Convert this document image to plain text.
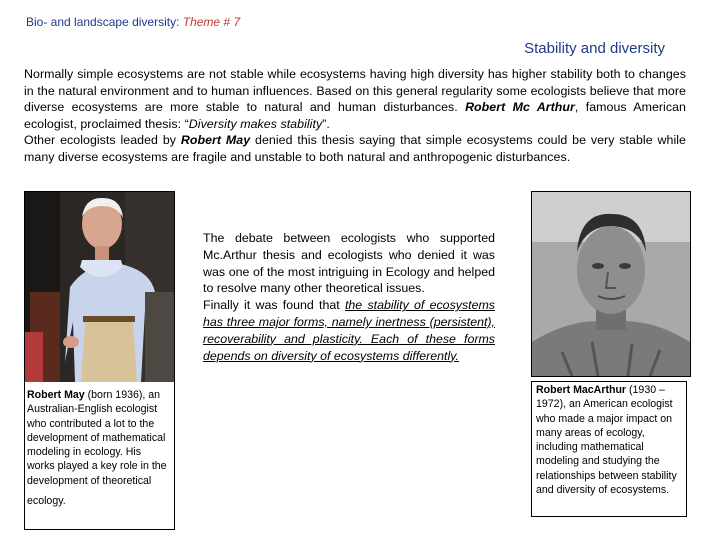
Bio- and landscape diversity: Theme # 7
Stability and diversity
Normally simple ecosystems are not stable while ecosystems having high diversity has higher stability both to changes in the natural environment and to human influences. Based on this general regularity some ecologists believe that more diverse ecosystems are more stable to natural and human disturbances. Robert Mc Arthur, famous American ecologist, proclaimed thesis: “Diversity makes stability”.
Other ecologists leaded by Robert May denied this thesis saying that simple ecosystems could be very stable while many diverse ecosystems are fragile and unstable to both natural and anthropogenic disturbances.
Robert May (born 1936), an Australian-English ecologist who contributed a lot to the development of mathematical modeling in ecology. His works played a key role in the development of theoretical
ecology.
The debate between ecologists who supported Mc.Arthur thesis and ecologists who denied it was was one of the most intriguing in Ecology and helped to resolve many other theoretical issues.
Finally it was found that the stability of ecosystems has three major forms, namely inertness (persistent), recoverability and plasticity. Each of these forms depends on diversity of ecosystems differently.
Robert MacArthur (1930 – 1972), an American ecologist who made a major impact on many areas of ecology, including mathematical modeling and studying the relationships between stability and diversity of ecosystems.
